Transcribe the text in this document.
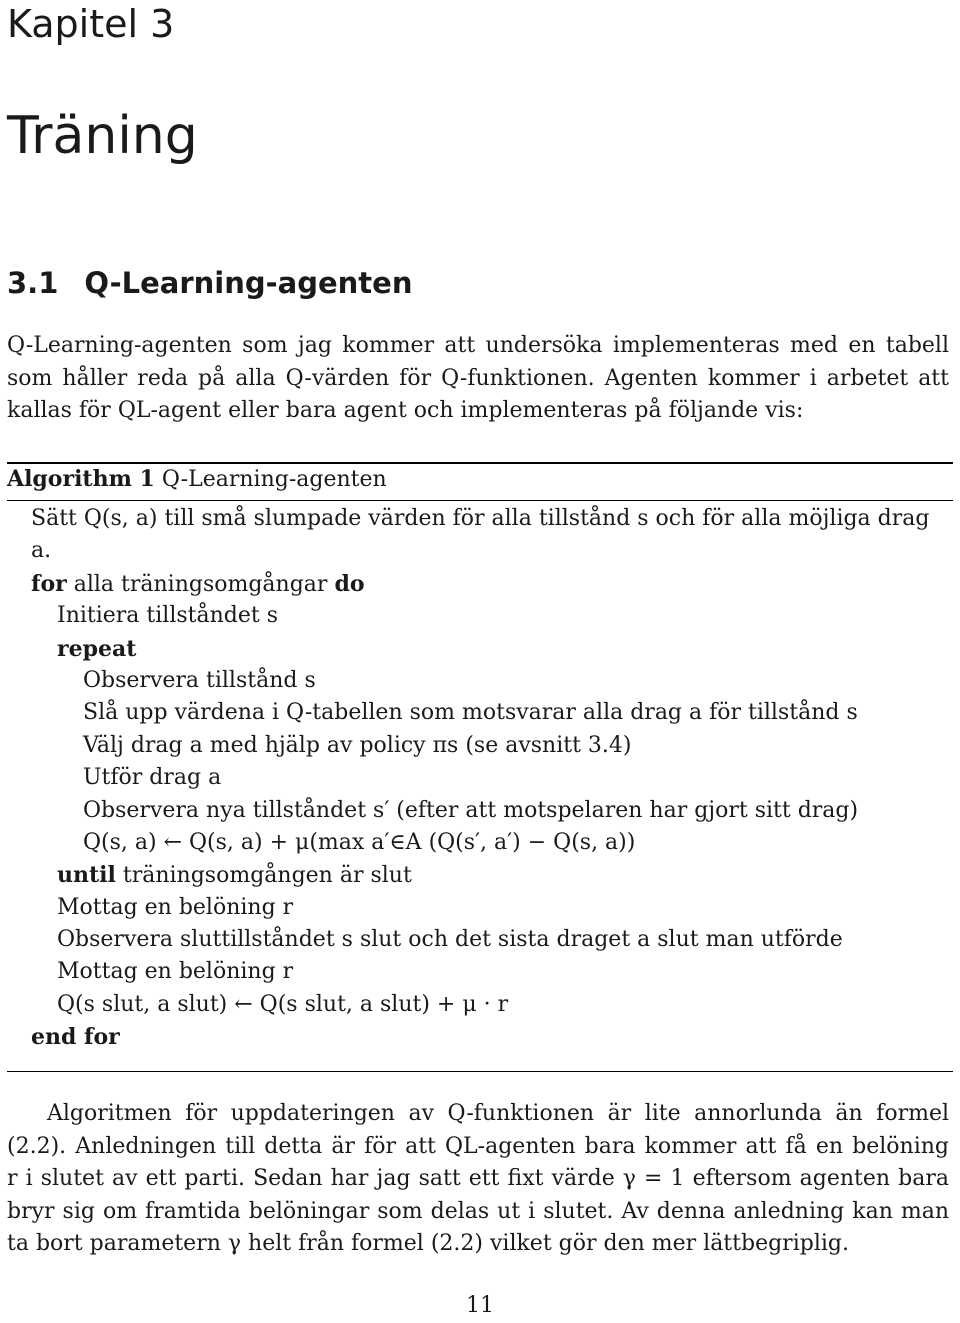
Kapitel 3
Träning
3.1 Q-Learning-agenten
Q-Learning-agenten som jag kommer att undersöka implementeras med en tabell
som håller reda på alla Q-värden för Q-funktionen. Agenten kommer i arbetet att
kallas för QL-agent eller bara agent och implementeras på följande vis:
Algorithm 1 Q-Learning-agenten
Sätt Q(s, a) till små slumpade värden för alla tillstånd s och för alla möjliga drag
a.
for alla träningsomgångar do
Initiera tillståndet s
repeat
Observera tillstånd s
Slå upp värdena i Q-tabellen som motsvarar alla drag a för tillstånd s
Välj drag a med hjälp av policy πs (se avsnitt 3.4)
Utför drag a
Observera nya tillståndet s′ (efter att motspelaren har gjort sitt drag)
Q(s, a) ← Q(s, a) + μ(max a′∈A (Q(s′, a′) − Q(s, a))
until träningsomgången är slut
Mottag en belöning r
Observera sluttillståndet s slut och det sista draget a slut man utförde
Mottag en belöning r
Q(s slut, a slut) ← Q(s slut, a slut) + μ · r
end for
Algoritmen för uppdateringen av Q-funktionen är lite annorlunda än formel
(2.2). Anledningen till detta är för att QL-agenten bara kommer att få en belöning
r i slutet av ett parti. Sedan har jag satt ett fixt värde γ = 1 eftersom agenten bara
bryr sig om framtida belöningar som delas ut i slutet. Av denna anledning kan man
ta bort parametern γ helt från formel (2.2) vilket gör den mer lättbegriplig.
11
